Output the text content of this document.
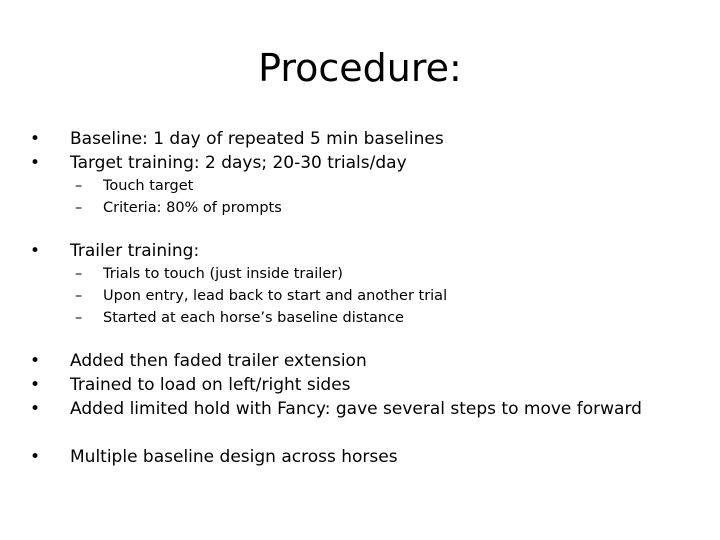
Procedure:
• Baseline: 1 day of repeated 5 min baselines
• Target training: 2 days; 20-30 trials/day
– Touch target
– Criteria: 80% of prompts
• Trailer training:
– Trials to touch (just inside trailer)
– Upon entry, lead back to start and another trial
– Started at each horse’s baseline distance
• Added then faded trailer extension
• Trained to load on left/right sides
• Added limited hold with Fancy: gave several steps to move forward
• Multiple baseline design across horses
